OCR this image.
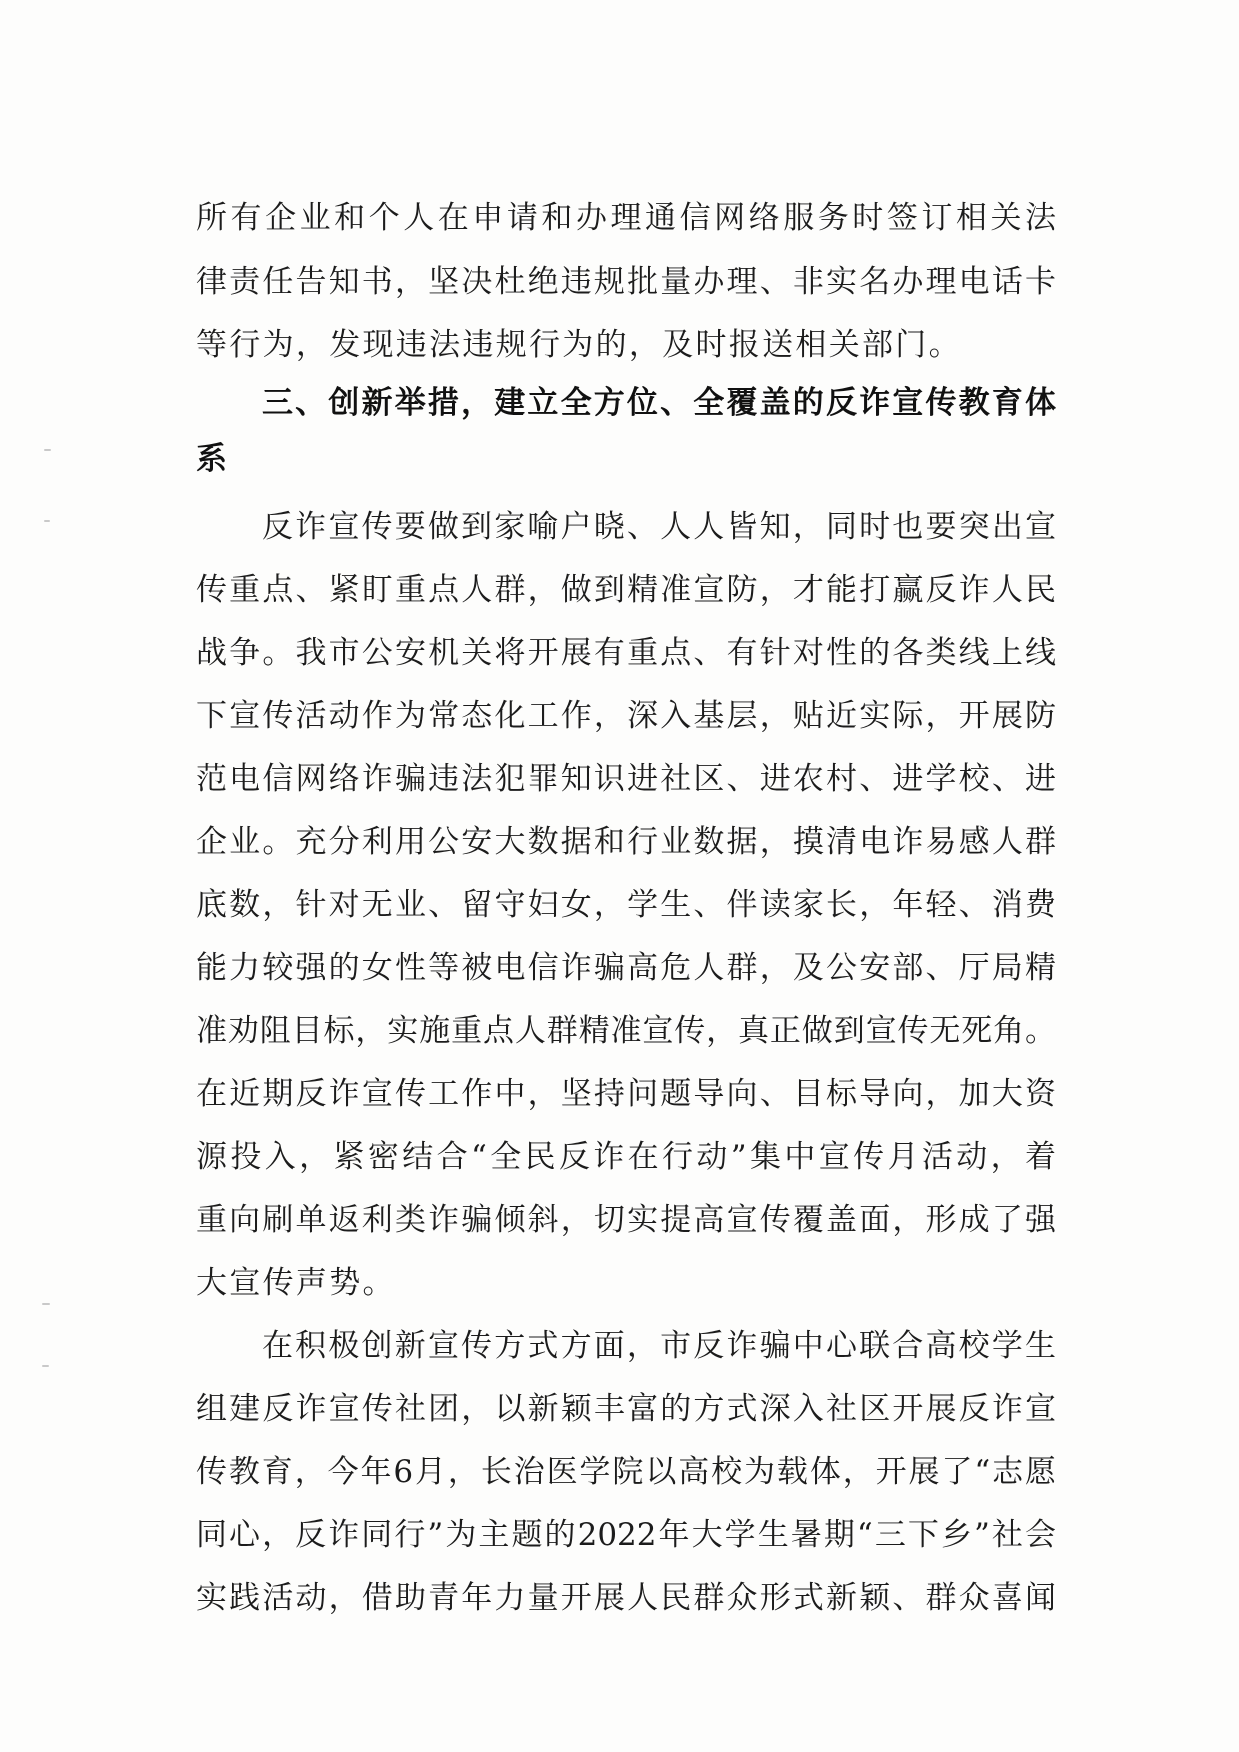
所有企业和个人在申请和办理通信网络服务时签订相关法

律责任告知书，坚决杜绝违规批量办理、非实名办理电话卡

等行为，发现违法违规行为的，及时报送相关部门。

三、创新举措，建立全方位、全覆盖的反诈宣传教育体
系

反诈宣传要做到家喻户晓、人人皆知，同时也要突出宣

传重点、紧盯重点人群，做到精准宣防，才能打赢反诈人民

战争。我市公安机关将开展有重点、有针对性的各类线上线

下宣传活动作为常态化工作，深入基层，贴近实际，开展防

范电信网络诈骗违法犯罪知识进社区、进农村、进学校、进

企业。充分利用公安大数据和行业数据，摸清电诈易感人群

底数，针对无业、留守妇女，学生、伴读家长，年轻、消费

能力较强的女性等被电信诈骗高危人群，及公安部、厅局精

准劝阻目标，实施重点人群精准宣传，真正做到宣传无死角。

在近期反诈宣传工作中，坚持问题导向、目标导向，加大资

源投入，紧密结合“全民反诈在行动”集中宣传月活动，着

重向刷单返利类诈骗倾斜，切实提高宣传覆盖面，形成了强

大宣传声势。

在积极创新宣传方式方面，市反诈骗中心联合高校学生

组建反诈宣传社团，以新颖丰富的方式深入社区开展反诈宣

传教育，今年6月，长治医学院以高校为载体，开展了“志愿

同心，反诈同行”为主题的2022年大学生暑期“三下乡”社会

实践活动，借助青年力量开展人民群众形式新颖、群众喜闻
